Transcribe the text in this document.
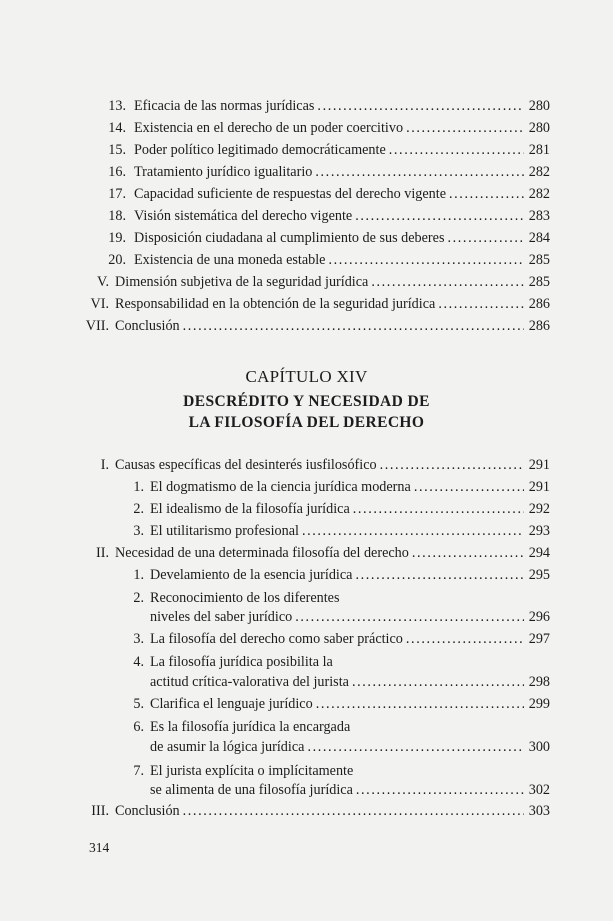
13. Eficacia de las normas jurídicas .....	280
14. Existencia en el derecho de un poder coercitivo .....	280
15. Poder político legitimado democráticamente .....	281
16. Tratamiento jurídico igualitario .....	282
17. Capacidad suficiente de respuestas del derecho vigente .....	282
18. Visión sistemática del derecho vigente .....	283
19. Disposición ciudadana al cumplimiento de sus deberes .....	284
20. Existencia de una moneda estable .....	285
V. Dimensión subjetiva de la seguridad jurídica .....	285
VI. Responsabilidad en la obtención de la seguridad jurídica .....	286
VII. Conclusión .....	286
CAPÍTULO XIV
DESCRÉDITO Y NECESIDAD DE
LA FILOSOFÍA DEL DERECHO
I. Causas específicas del desinterés iusfilosófico .....	291
1. El dogmatismo de la ciencia jurídica moderna .....	291
2. El idealismo de la filosofía jurídica .....	292
3. El utilitarismo profesional .....	293
II. Necesidad de una determinada filosofía del derecho .....	294
1. Develamiento de la esencia jurídica .....	295
2. Reconocimiento de los diferentes
niveles del saber jurídico .....	296
3. La filosofía del derecho como saber práctico .....	297
4. La filosofía jurídica posibilita la
actitud crítica-valorativa del jurista .....	298
5. Clarifica el lenguaje jurídico .....	299
6. Es la filosofía jurídica la encargada
de asumir la lógica jurídica .....	300
7. El jurista explícita o implícitamente
se alimenta de una filosofía jurídica .....	302
III. Conclusión .....	303
314
